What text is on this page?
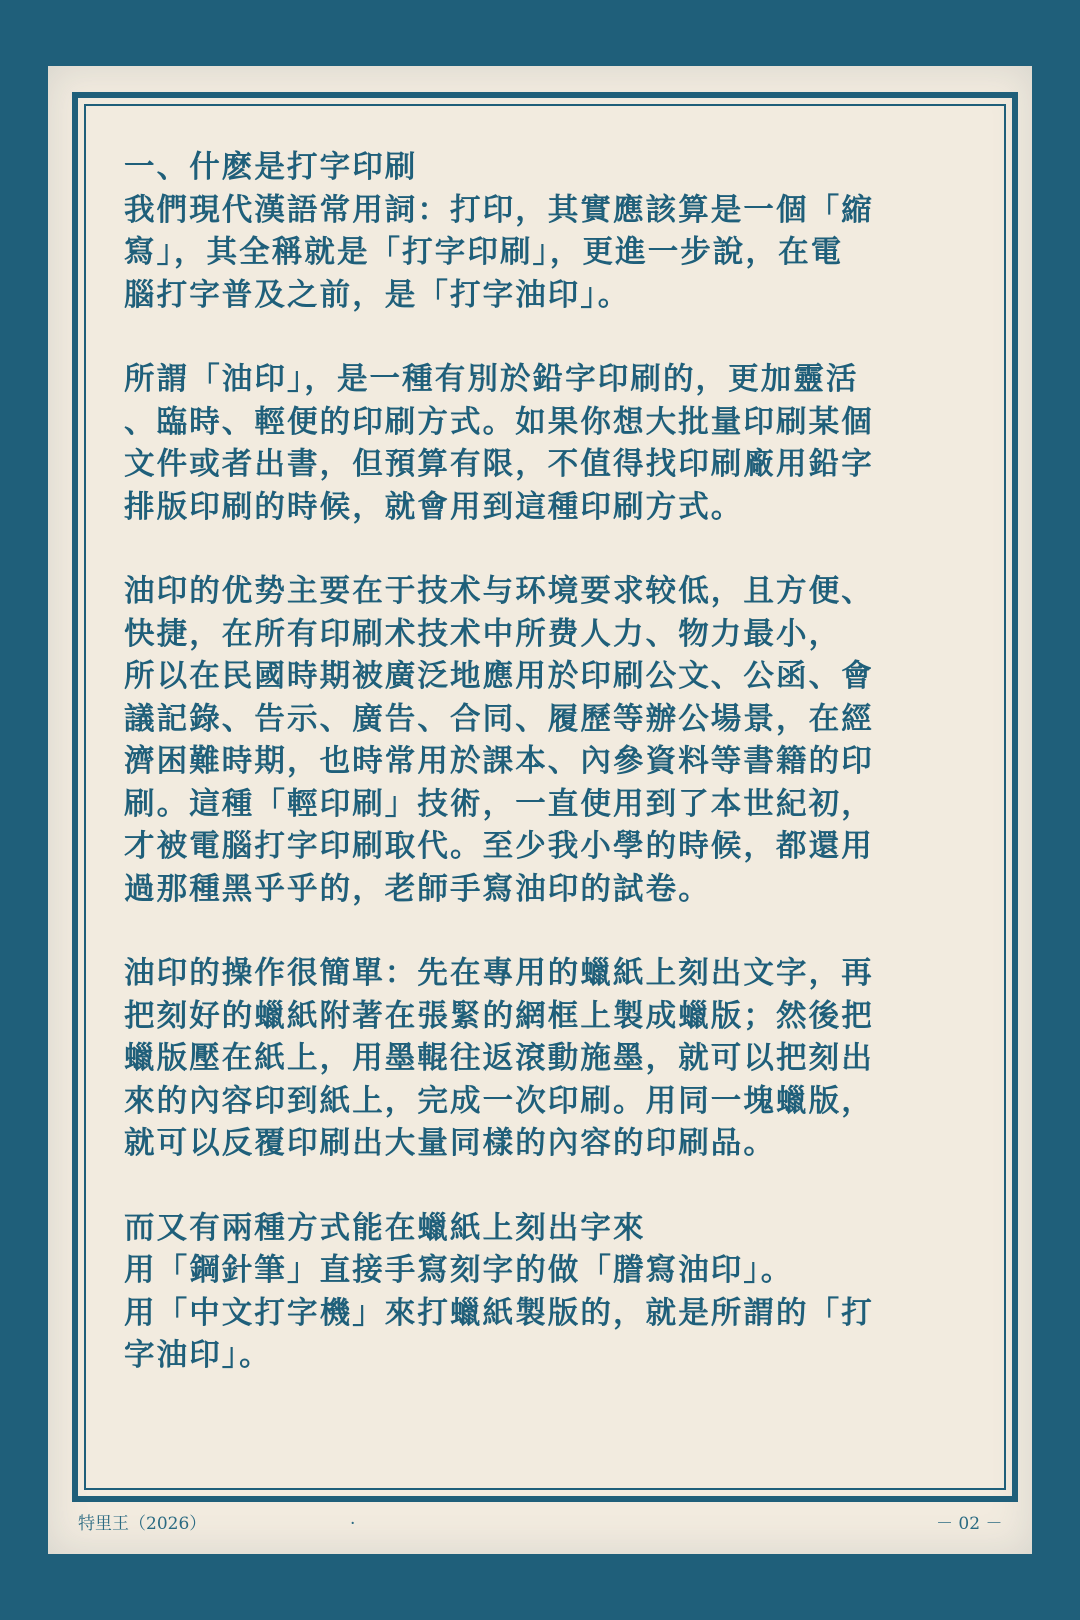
一、什麽是打字印刷
我們現代漢語常用詞：打印，其實應該算是一個「縮
寫」，其全稱就是「打字印刷」，更進一步說，在電
腦打字普及之前，是「打字油印」。
所謂「油印」，是一種有別於鉛字印刷的，更加靈活
、臨時、輕便的印刷方式。如果你想大批量印刷某個
文件或者出書，但預算有限，不值得找印刷廠用鉛字
排版印刷的時候，就會用到這種印刷方式。
油印的优势主要在于技术与环境要求较低，且方便、
快捷，在所有印刷术技术中所费人力、物力最小，
所以在民國時期被廣泛地應用於印刷公文、公函、會
議記錄、告示、廣告、合同、履歷等辦公場景，在經
濟困難時期，也時常用於課本、內參資料等書籍的印
刷。這種「輕印刷」技術，一直使用到了本世紀初，
才被電腦打字印刷取代。至少我小學的時候，都還用
過那種黑乎乎的，老師手寫油印的試卷。
油印的操作很簡單：先在專用的蠟紙上刻出文字，再
把刻好的蠟紙附著在張緊的網框上製成蠟版；然後把
蠟版壓在紙上，用墨輥往返滾動施墨，就可以把刻出
來的內容印到紙上，完成一次印刷。用同一塊蠟版，
就可以反覆印刷出大量同樣的內容的印刷品。
而又有兩種方式能在蠟紙上刻出字來
用「鋼針筆」直接手寫刻字的做「謄寫油印」。
用「中文打字機」來打蠟紙製版的，就是所謂的「打
字油印」。
特里王（2026）	·	－ 02 －
